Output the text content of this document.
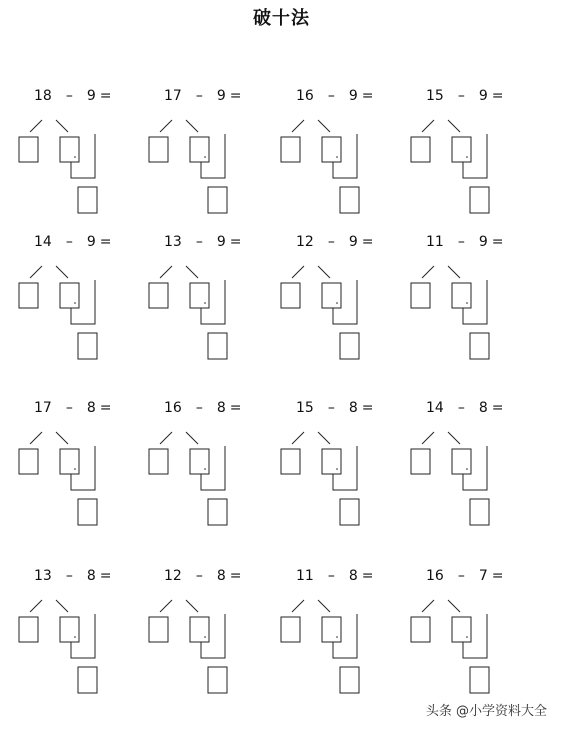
破十法
18 – 9 =	17 – 9 =	16 – 9 =	15 – 9 =
14 – 9 =	13 – 9 =	12 – 9 =	11 – 9 =
17 – 8 =	16 – 8 =	15 – 8 =	14 – 8 =
13 – 8 =	12 – 8 =	11 – 8 =	16 – 7 =
头条 @小学资料大全
